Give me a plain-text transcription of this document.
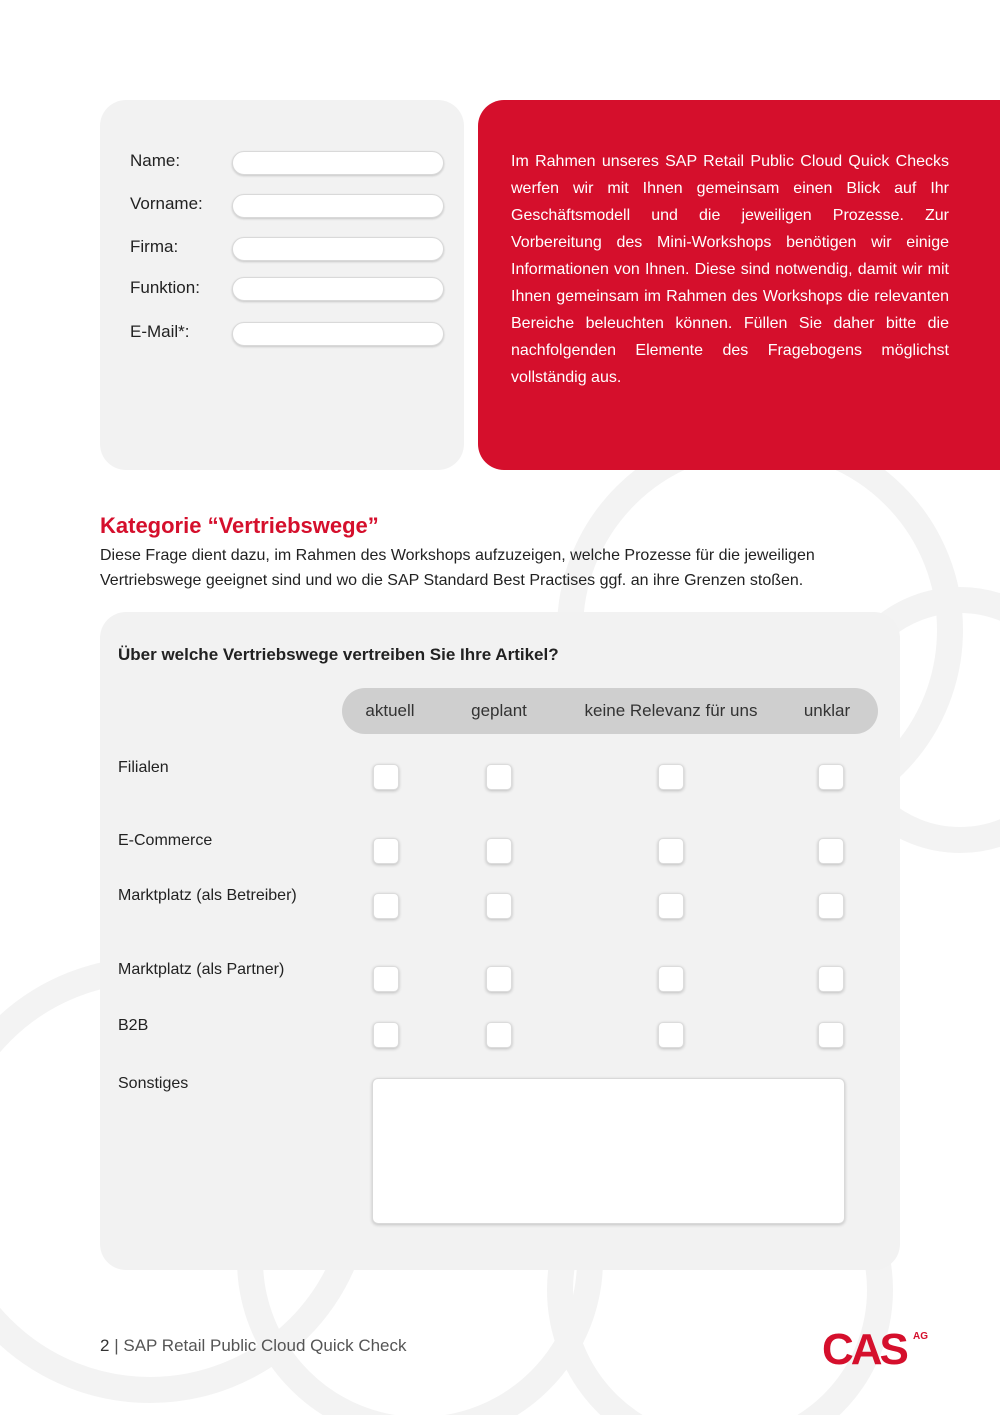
Name:
Vorname:
Firma:
Funktion:
E-Mail*:

Im Rahmen unseres SAP Retail Public Cloud Quick Checks werfen wir mit Ihnen gemeinsam einen Blick auf Ihr Geschäftsmodell und die jeweiligen Prozesse. Zur Vorbereitung des Mini-Workshops benötigen wir einige Informationen von Ihnen. Diese sind notwendig, damit wir mit Ihnen gemeinsam im Rahmen des Workshops die relevanten Bereiche beleuchten können. Füllen Sie daher bitte die nachfolgenden Elemente des Fragebogens möglichst vollständig aus.

Kategorie “Vertriebswege”
Diese Frage dient dazu, im Rahmen des Workshops aufzuzeigen, welche Prozesse für die jeweiligen Vertriebswege geeignet sind und wo die SAP Standard Best Practises ggf. an ihre Grenzen stoßen.
Über welche Vertriebswege vertreiben Sie Ihre Artikel?
aktuell	geplant	keine Relevanz für uns	unklar
Filialen
E-Commerce
Marktplatz (als Betreiber)
Marktplatz (als Partner)
B2B
Sonstiges
2 | SAP Retail Public Cloud Quick Check	CAS AG
